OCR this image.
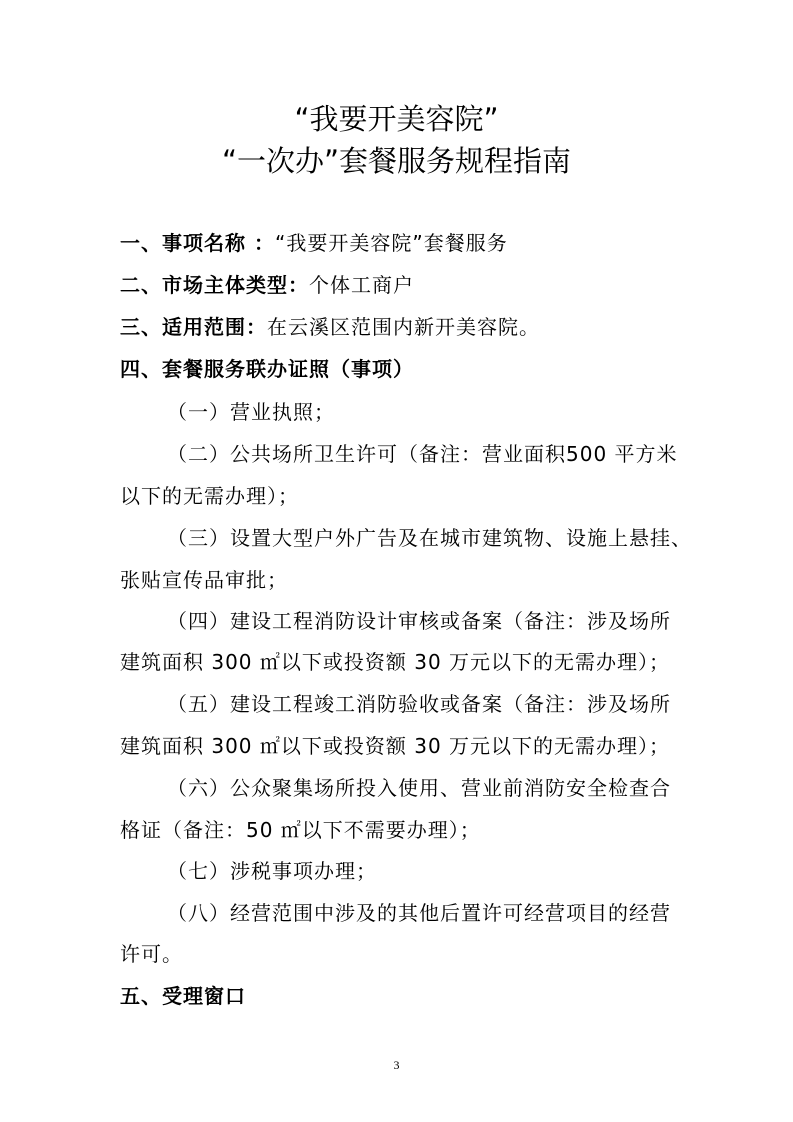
“我要开美容院”
“一次办”套餐服务规程指南
一、事项名称 ：“我要开美容院”套餐服务
二、市场主体类型：个体工商户
三、适用范围：在云溪区范围内新开美容院。
四、套餐服务联办证照（事项）
（一）营业执照；
（二）公共场所卫生许可（备注：营业面积500 平方米
以下的无需办理）；
（三）设置大型户外广告及在城市建筑物、设施上悬挂、
张贴宣传品审批；
（四）建设工程消防设计审核或备案（备注：涉及场所
建筑面积 300 ㎡以下或投资额 30 万元以下的无需办理）；
（五）建设工程竣工消防验收或备案（备注：涉及场所
建筑面积 300 ㎡以下或投资额 30 万元以下的无需办理）；
（六）公众聚集场所投入使用、营业前消防安全检查合
格证（备注：50 ㎡以下不需要办理）；
（七）涉税事项办理；
（八）经营范围中涉及的其他后置许可经营项目的经营
许可。
五、受理窗口
3
